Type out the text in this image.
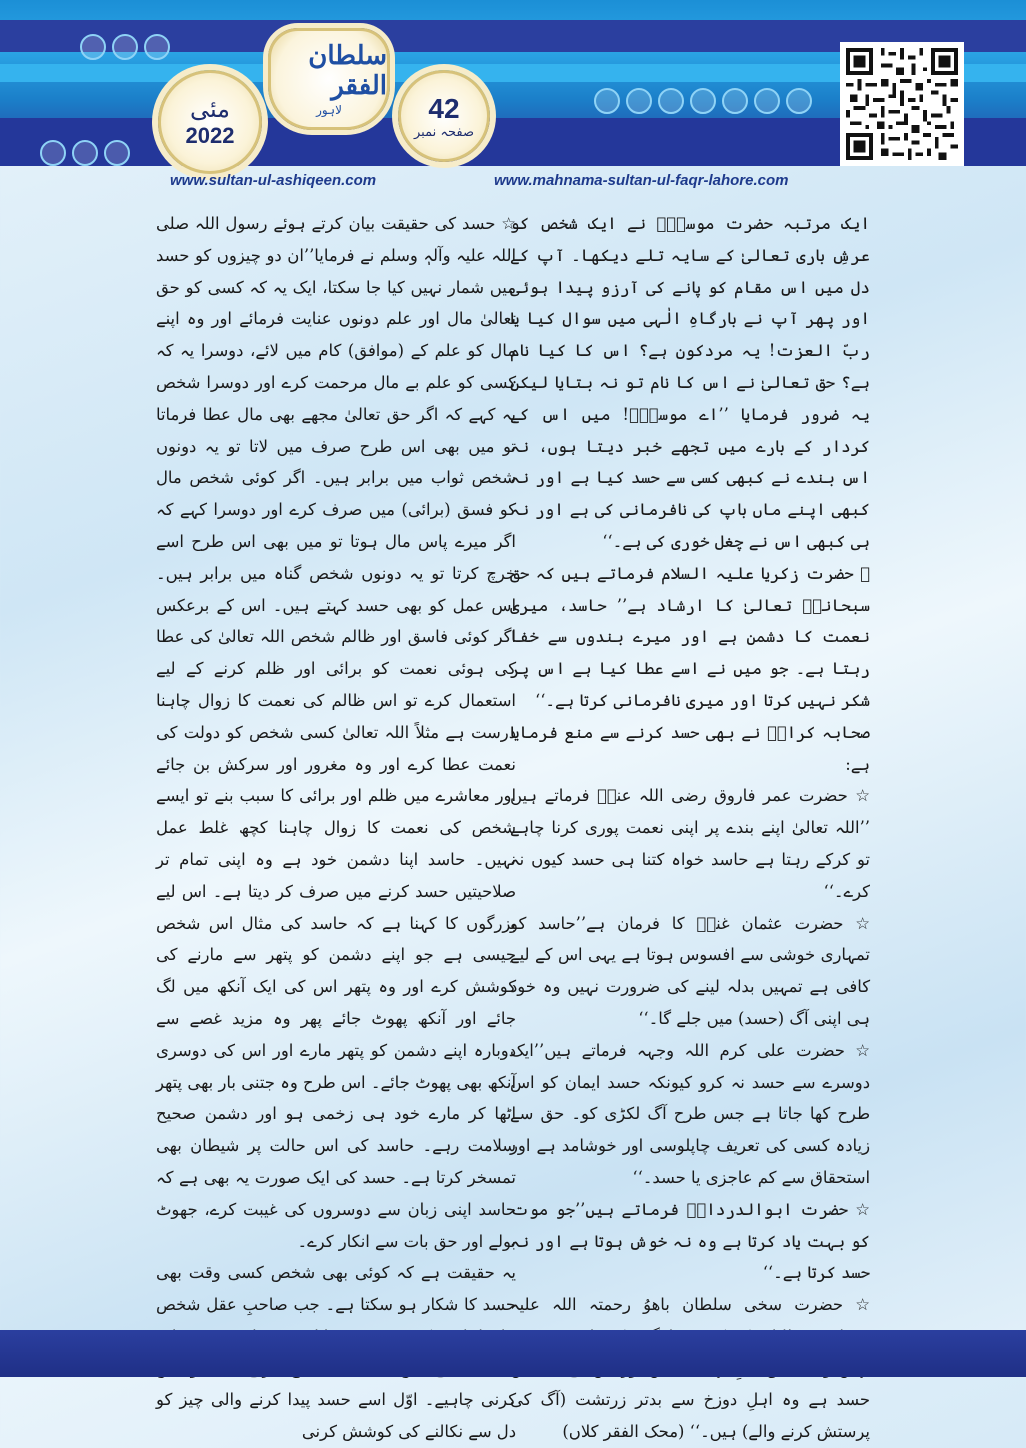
مئی
2022
سلطان الفقر
لاہور	42
صفحہ نمبر
www.sultan-ul-ashiqeen.com	www.mahnama-sultan-ul-faqr-lahore.com

ایک مرتبہ حضرت موسیٰؑ نے ایک شخص کو عرشِ باری تعالیٰ کے سایہ تلے دیکھا۔ آپ کے دل میں اس مقام کو پانے کی آرزو پیدا ہوئی اور پھر آپ نے بارگاہِ الٰہی میں سوال کیا یا ربّ العزت! یہ مردکون ہے؟ اس کا کیا نام ہے؟ حق تعالیٰ نے اس کا نام تو نہ بتایا لیکن یہ ضرور فرمایا ’’اے موسیٰؑ! میں اس کے کردار کے بارے میں تجھے خبر دیتا ہوں، نہ اس بندے نے کبھی کسی سے حسد کیا ہے اور نہ کبھی اپنے ماں باپ کی نافرمانی کی ہے اور نہ ہی کبھی اس نے چغل خوری کی ہے۔‘‘

☆ حضرت زکریا علیہ السلام فرماتے ہیں کہ حق سبحانہٗ تعالیٰ کا ارشاد ہے’’ حاسد، میری نعمت کا دشمن ہے اور میرے بندوں سے خفا رہتا ہے۔ جو میں نے اسے عطا کیا ہے اس پر شکر نہیں کرتا اور میری نافرمانی کرتا ہے۔‘‘

صحابہ کرامؓ نے بھی حسد کرنے سے منع فرمایا ہے:

☆ حضرت عمر فاروق رضی اللہ عنہٗ فرماتے ہیں ’’اللہ تعالیٰ اپنے بندے پر اپنی نعمت پوری کرنا چاہے تو کرکے رہتا ہے حاسد خواہ کتنا ہی حسد کیوں نہ کرے۔‘‘

☆ حضرت عثمان غنیؓ کا فرمان ہے’’حاسد کو تمہاری خوشی سے افسوس ہوتا ہے یہی اس کے لیے کافی ہے تمہیں بدلہ لینے کی ضرورت نہیں وہ خود ہی اپنی آگ (حسد) میں جلے گا۔‘‘

☆ حضرت علی کرم اللہ وجہہ فرماتے ہیں’’ایک دوسرے سے حسد نہ کرو کیونکہ حسد ایمان کو اس طرح کھا جاتا ہے جس طرح آگ لکڑی کو۔ حق سے زیادہ کسی کی تعریف چاپلوسی اور خوشامد ہے اور استحقاق سے کم عاجزی یا حسد۔‘‘

☆ حضرت ابوالدرداءؓ فرماتے ہیں’’جو موت کو بہت یاد کرتا ہے وہ نہ خوش ہوتا ہے اور نہ حسد کرتا ہے۔‘‘

☆ حضرت سخی سلطان باھوُ رحمتہ اللہ علیہ حسد ہے وہ اہلِ دوزخ سے بدتر زرتشت (آگ کی پرستش کرنے والے) ہیں۔‘‘ (محک الفقر کلاں)

☆ حسد کی حقیقت بیان کرتے ہوئے رسول اللہ صلی اللہ علیہ وآلہٖ وسلم نے فرمایا’’ان دو چیزوں کو حسد میں شمار نہیں کیا جا سکتا، ایک یہ کہ کسی کو حق تعالیٰ مال اور علم دونوں عنایت فرمائے اور وہ اپنے مال کو علم کے (موافق) کام میں لائے، دوسرا یہ کہ کسی کو علم بے مال مرحمت کرے اور دوسرا شخص یہ کہے کہ اگر حق تعالیٰ مجھے بھی مال عطا فرماتا تو میں بھی اس طرح صرف میں لاتا تو یہ دونوں شخص ثواب میں برابر ہیں۔ اگر کوئی شخص مال کو فسق (برائی) میں صرف کرے اور دوسرا کہے کہ اگر میرے پاس مال ہوتا تو میں بھی اس طرح اسے خرچ کرتا تو یہ دونوں شخص گناہ میں برابر ہیں۔ اس عمل کو بھی حسد کہتے ہیں۔ اس کے برعکس اگر کوئی فاسق اور ظالم شخص اللہ تعالیٰ کی عطا کی ہوئی نعمت کو برائی اور ظلم کرنے کے لیے استعمال کرے تو اس ظالم کی نعمت کا زوال چاہنا درست ہے مثلاً اللہ تعالیٰ کسی شخص کو دولت کی نعمت عطا کرے اور وہ مغرور اور سرکش بن جائے اور معاشرے میں ظلم اور برائی کا سبب بنے تو ایسے شخص کی نعمت کا زوال چاہنا کچھ غلط عمل نہیں۔ حاسد اپنا دشمن خود ہے وہ اپنی تمام تر صلاحیتیں حسد کرنے میں صرف کر دیتا ہے۔ اس لیے بزرگوں کا کہنا ہے کہ حاسد کی مثال اس شخص جیسی ہے جو اپنے دشمن کو پتھر سے مارنے کی کوشش کرے اور وہ پتھر اس کی ایک آنکھ میں لگ جائے اور آنکھ پھوٹ جائے پھر وہ مزید غصے سے دوبارہ اپنے دشمن کو پتھر مارے اور اس کی دوسری آنکھ بھی پھوٹ جائے۔ اس طرح وہ جتنی بار بھی پتھر اٹھا کر مارے خود ہی زخمی ہو اور دشمن صحیح سلامت رہے۔ حاسد کی اس حالت پر شیطان بھی تمسخر کرتا ہے۔ حسد کی ایک صورت یہ بھی ہے کہ حاسد اپنی زبان سے دوسروں کی غیبت کرے، جھوٹ بولے اور حق بات سے انکار کرے۔

یہ حقیقت ہے کہ کوئی بھی شخص کسی وقت بھی حسد کا شکار ہو سکتا ہے۔ جب صاحبِ عقل شخص کرنی چاہیے۔ اوّل اسے حسد پیدا کرنے والی چیز کو دل سے نکالنے کی کوشش کرنی
